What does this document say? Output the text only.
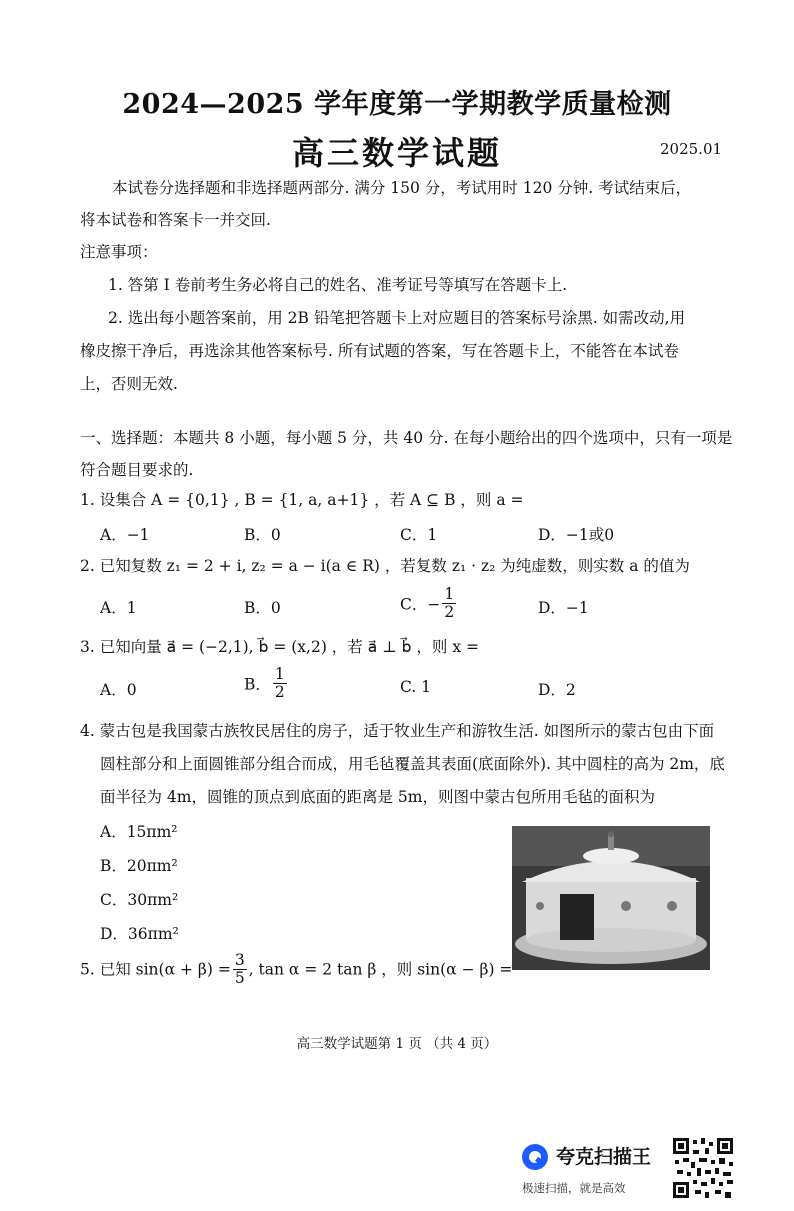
2024—2025 学年度第一学期教学质量检测
高三数学试题	2025.01
本试卷分选择题和非选择题两部分. 满分 150 分，考试用时 120 分钟. 考试结束后，
将本试卷和答案卡一并交回.
注意事项：
1. 答第 I 卷前考生务必将自己的姓名、准考证号等填写在答题卡上.
2. 选出每小题答案前，用 2B 铅笔把答题卡上对应题目的答案标号涂黑. 如需改动,用
橡皮擦干净后，再选涂其他答案标号. 所有试题的答案，写在答题卡上，不能答在本试卷
上，否则无效.
一、选择题：本题共 8 小题，每小题 5 分，共 40 分. 在每小题给出的四个选项中，只有一项是
符合题目要求的.
1. 设集合 A = {0,1} , B = {1, a, a+1} ，若 A ⊆ B ，则 a =
A．−1	B．0	C．1	D．−1或0
2. 已知复数 z₁ = 2 + i, z₂ = a − i(a ∈ R) ，若复数 z₁ · z₂ 为纯虚数，则实数 a 的值为
A．1	B．0	C．− $\frac{1}{2}$	D．−1
3. 已知向量 a⃗ = (−2,1), b⃗ = (x,2) ，若 a⃗ ⊥ b⃗ ，则 x =
A．0	B． $\frac{1}{2}$	C. 1	D．2
4. 蒙古包是我国蒙古族牧民居住的房子，适于牧业生产和游牧生活. 如图所示的蒙古包由下面
圆柱部分和上面圆锥部分组合而成，用毛毡覆盖其表面(底面除外). 其中圆柱的高为 2m，底
面半径为 4m，圆锥的顶点到底面的距离是 5m，则图中蒙古包所用毛毡的面积为
A．15πm²
B．20πm²
C．30πm²
D．36πm²
5. 已知 $\sin(\alpha + \beta) = \frac{3}{5}$ , tan α = 2 tan β ，则 sin(α − β) =
高三数学试题第 1 页 （共 4 页）
夸克扫描王
极速扫描，就是高效
